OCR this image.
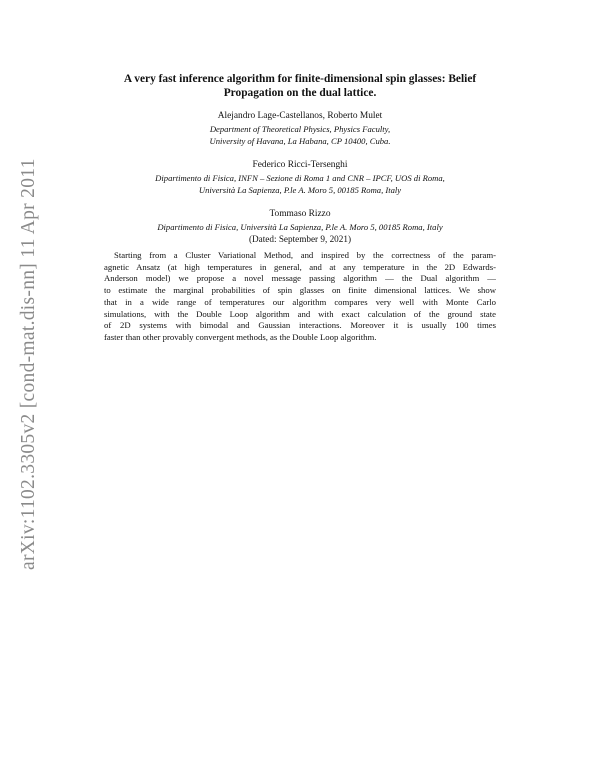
arXiv:1102.3305v2 [cond-mat.dis-nn] 11 Apr 2011
A very fast inference algorithm for finite-dimensional spin glasses: Belief
Propagation on the dual lattice.
Alejandro Lage-Castellanos, Roberto Mulet
Department of Theoretical Physics, Physics Faculty,
University of Havana, La Habana, CP 10400, Cuba.
Federico Ricci-Tersenghi
Dipartimento di Fisica, INFN – Sezione di Roma 1 and CNR – IPCF, UOS di Roma,
Università La Sapienza, P.le A. Moro 5, 00185 Roma, Italy
Tommaso Rizzo
Dipartimento di Fisica, Università La Sapienza, P.le A. Moro 5, 00185 Roma, Italy
(Dated: September 9, 2021)
Starting from a Cluster Variational Method, and inspired by the correctness of the param-
agnetic Ansatz (at high temperatures in general, and at any temperature in the 2D Edwards-
Anderson model) we propose a novel message passing algorithm — the Dual algorithm —
to estimate the marginal probabilities of spin glasses on finite dimensional lattices. We show
that in a wide range of temperatures our algorithm compares very well with Monte Carlo
simulations, with the Double Loop algorithm and with exact calculation of the ground state
of 2D systems with bimodal and Gaussian interactions. Moreover it is usually 100 times
faster than other provably convergent methods, as the Double Loop algorithm.
